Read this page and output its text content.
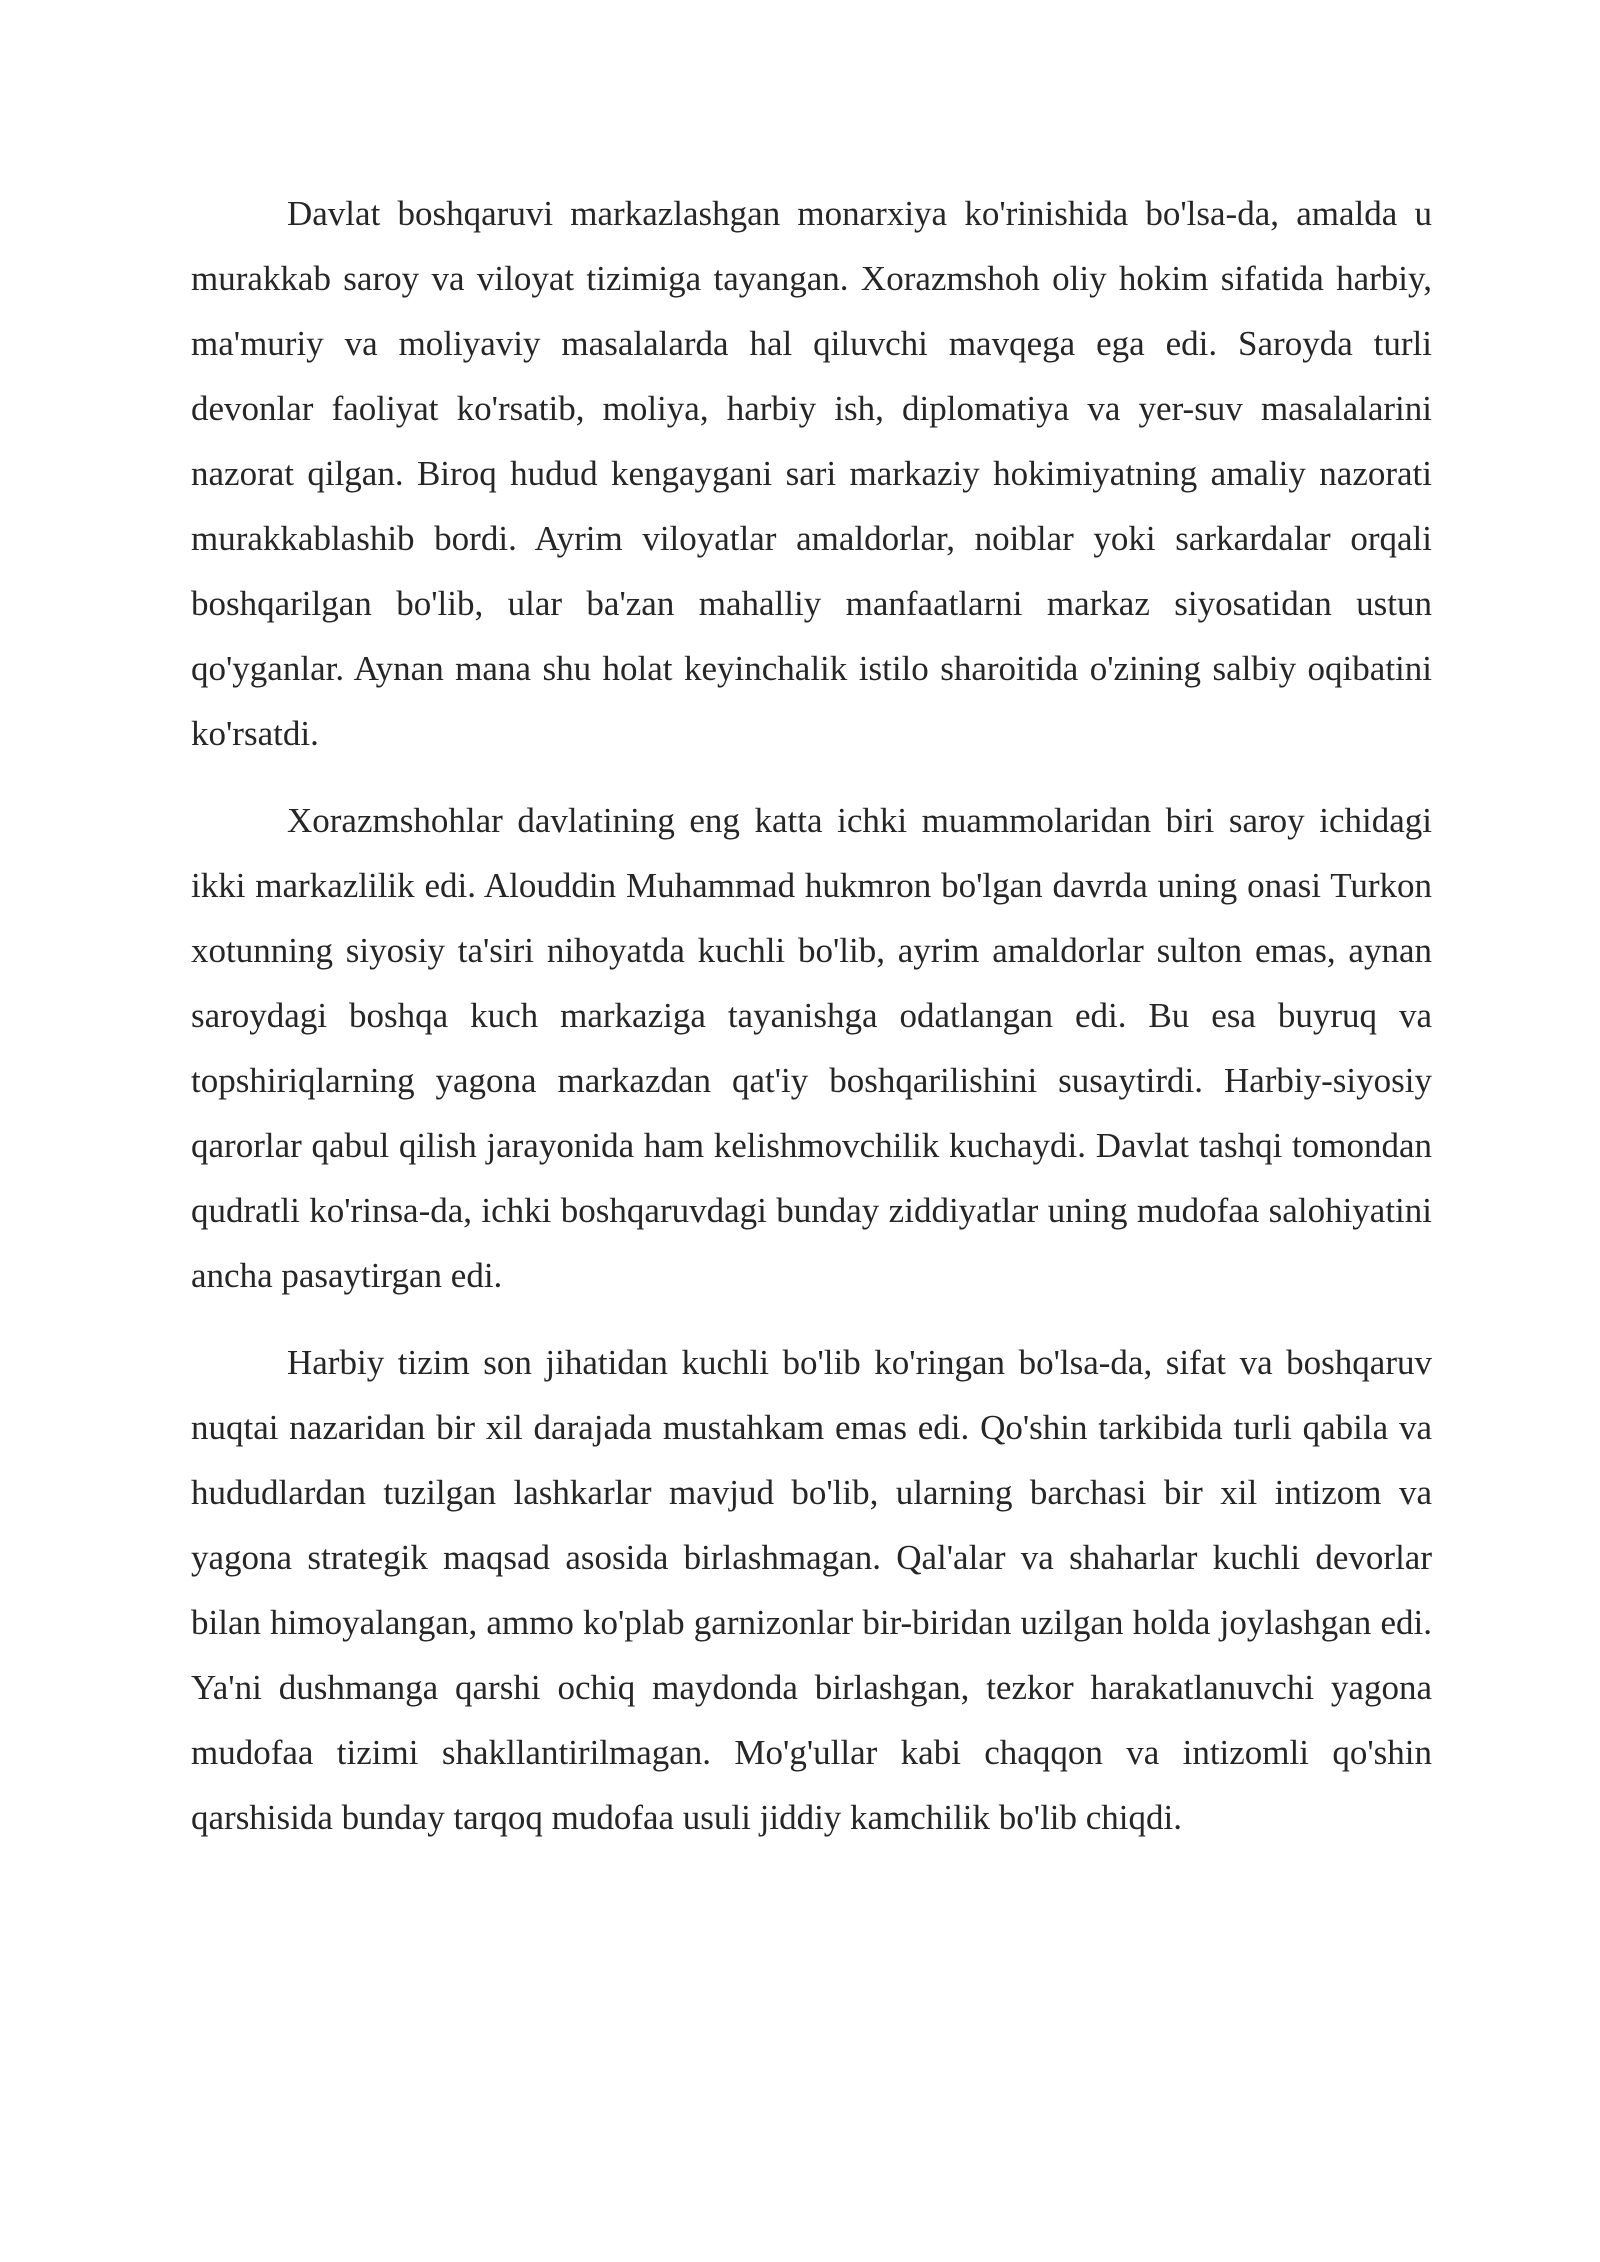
Davlat boshqaruvi markazlashgan monarxiya ko'rinishida bo'lsa-da, amalda u murakkab saroy va viloyat tizimiga tayangan. Xorazmshoh oliy hokim sifatida harbiy, ma'muriy va moliyaviy masalalarda hal qiluvchi mavqega ega edi. Saroyda turli devonlar faoliyat ko'rsatib, moliya, harbiy ish, diplomatiya va yer-suv masalalarini nazorat qilgan. Biroq hudud kengaygani sari markaziy hokimiyatning amaliy nazorati murakkablashib bordi. Ayrim viloyatlar amaldorlar, noiblar yoki sarkardalar orqali boshqarilgan bo'lib, ular ba'zan mahalliy manfaatlarni markaz siyosatidan ustun qo'yganlar. Aynan mana shu holat keyinchalik istilo sharoitida o'zining salbiy oqibatini ko'rsatdi.

Xorazmshohlar davlatining eng katta ichki muammolaridan biri saroy ichidagi ikki markazlilik edi. Alouddin Muhammad hukmron bo'lgan davrda uning onasi Turkon xotunning siyosiy ta'siri nihoyatda kuchli bo'lib, ayrim amaldorlar sulton emas, aynan saroydagi boshqa kuch markaziga tayanishga odatlangan edi. Bu esa buyruq va topshiriqlarning yagona markazdan qat'iy boshqarilishini susaytirdi. Harbiy-siyosiy qarorlar qabul qilish jarayonida ham kelishmovchilik kuchaydi. Davlat tashqi tomondan qudratli ko'rinsa-da, ichki boshqaruvdagi bunday ziddiyatlar uning mudofaa salohiyatini ancha pasaytirgan edi.

Harbiy tizim son jihatidan kuchli bo'lib ko'ringan bo'lsa-da, sifat va boshqaruv nuqtai nazaridan bir xil darajada mustahkam emas edi. Qo'shin tarkibida turli qabila va hududlardan tuzilgan lashkarlar mavjud bo'lib, ularning barchasi bir xil intizom va yagona strategik maqsad asosida birlashmagan. Qal'alar va shaharlar kuchli devorlar bilan himoyalangan, ammo ko'plab garnizonlar bir-biridan uzilgan holda joylashgan edi. Ya'ni dushmanga qarshi ochiq maydonda birlashgan, tezkor harakatlanuvchi yagona mudofaa tizimi shakllantirilmagan. Mo'g'ullar kabi chaqqon va intizomli qo'shin qarshisida bunday tarqoq mudofaa usuli jiddiy kamchilik bo'lib chiqdi.
